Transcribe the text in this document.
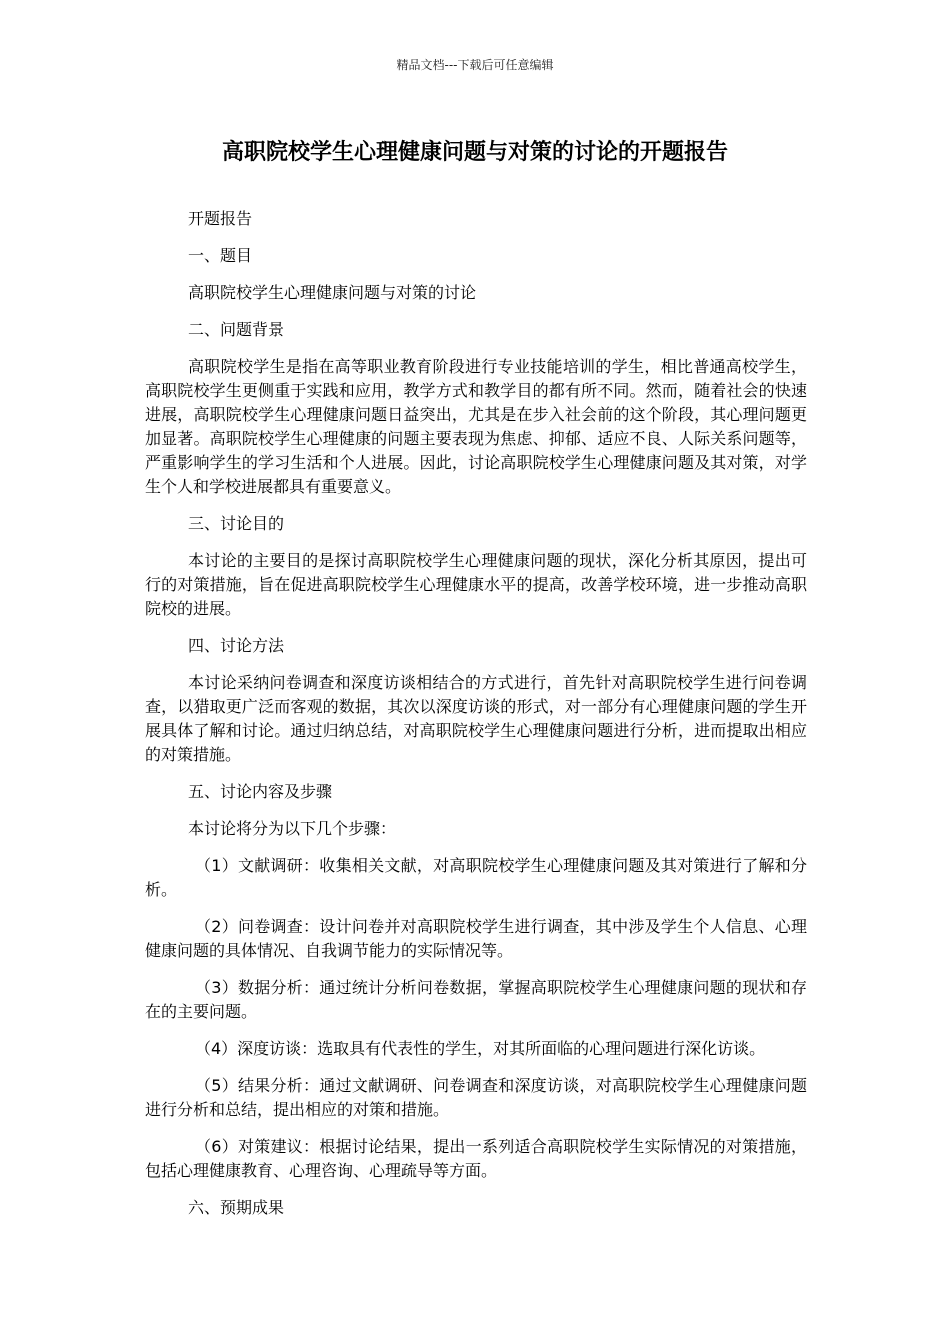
精品文档---下载后可任意编辑
高职院校学生心理健康问题与对策的讨论的开题报告

开题报告

一、题目

高职院校学生心理健康问题与对策的讨论

二、问题背景

高职院校学生是指在高等职业教育阶段进行专业技能培训的学生，相比普通高校学生，高职院校学生更侧重于实践和应用，教学方式和教学目的都有所不同。然而，随着社会的快速进展，高职院校学生心理健康问题日益突出，尤其是在步入社会前的这个阶段，其心理问题更加显著。高职院校学生心理健康的问题主要表现为焦虑、抑郁、适应不良、人际关系问题等，严重影响学生的学习生活和个人进展。因此，讨论高职院校学生心理健康问题及其对策，对学生个人和学校进展都具有重要意义。

三、讨论目的

本讨论的主要目的是探讨高职院校学生心理健康问题的现状，深化分析其原因，提出可行的对策措施，旨在促进高职院校学生心理健康水平的提高，改善学校环境，进一步推动高职院校的进展。

四、讨论方法

本讨论采纳问卷调查和深度访谈相结合的方式进行，首先针对高职院校学生进行问卷调查，以猎取更广泛而客观的数据，其次以深度访谈的形式，对一部分有心理健康问题的学生开展具体了解和讨论。通过归纳总结，对高职院校学生心理健康问题进行分析，进而提取出相应的对策措施。

五、讨论内容及步骤

本讨论将分为以下几个步骤：

（1）文献调研：收集相关文献，对高职院校学生心理健康问题及其对策进行了解和分析。

（2）问卷调查：设计问卷并对高职院校学生进行调查，其中涉及学生个人信息、心理健康问题的具体情况、自我调节能力的实际情况等。

（3）数据分析：通过统计分析问卷数据，掌握高职院校学生心理健康问题的现状和存在的主要问题。

（4）深度访谈：选取具有代表性的学生，对其所面临的心理问题进行深化访谈。

（5）结果分析：通过文献调研、问卷调查和深度访谈，对高职院校学生心理健康问题进行分析和总结，提出相应的对策和措施。

（6）对策建议：根据讨论结果，提出一系列适合高职院校学生实际情况的对策措施，包括心理健康教育、心理咨询、心理疏导等方面。

六、预期成果
